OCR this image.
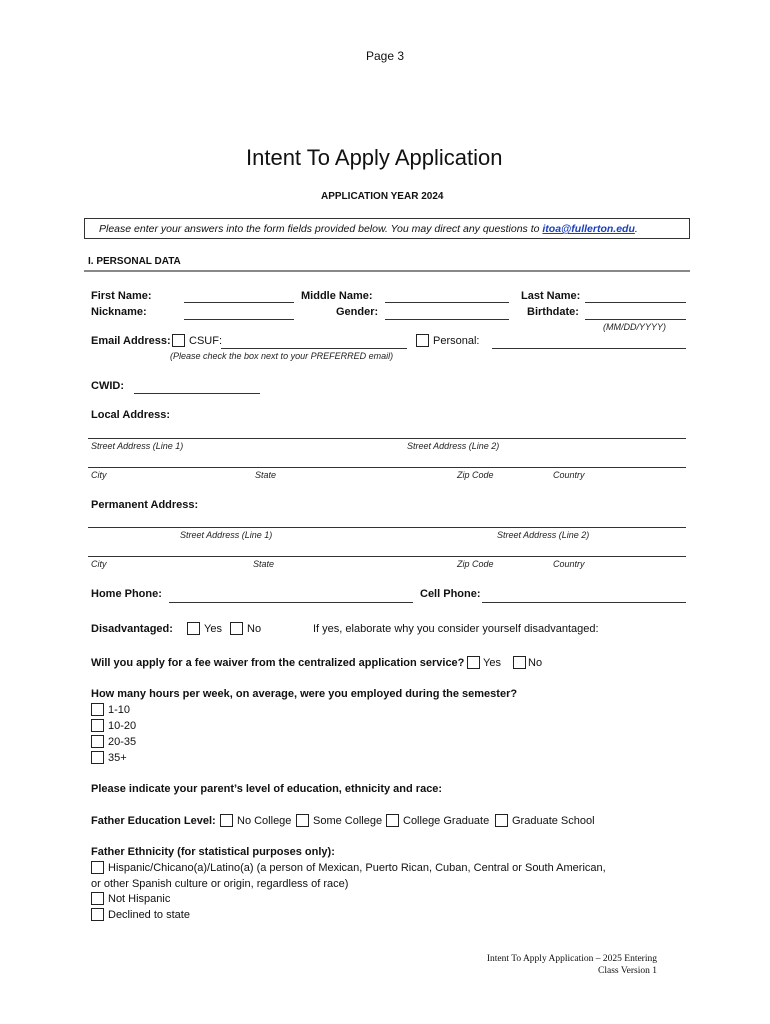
Page 3
Intent To Apply Application
APPLICATION YEAR 2024
Please enter your answers into the form fields provided below. You may direct any questions to itoa@fullerton.edu.
I. PERSONAL DATA
First Name:	Middle Name:	Last Name:
Nickname:	Gender:	Birthdate:
(MM/DD/YYYY)
Email Address: CSUF:	Personal:
(Please check the box next to your PREFERRED email)
CWID:
Local Address:
Street Address (Line 1)	Street Address (Line 2)
City	State	Zip Code	Country
Permanent Address:
Street Address (Line 1)	Street Address (Line 2)
City	State	Zip Code	Country
Home Phone:	Cell Phone:
Disadvantaged:	Yes No	If yes, elaborate why you consider yourself disadvantaged:
Will you apply for a fee waiver from the centralized application service? Yes No
How many hours per week, on average, were you employed during the semester?
1-10
10-20
20-35
35+
Please indicate your parent’s level of education, ethnicity and race:
Father Education Level: No College Some College College Graduate Graduate School
Father Ethnicity (for statistical purposes only):
Hispanic/Chicano(a)/Latino(a) (a person of Mexican, Puerto Rican, Cuban, Central or South American,
or other Spanish culture or origin, regardless of race)
Not Hispanic
Declined to state
Intent To Apply Application – 2025 Entering
Class Version 1
